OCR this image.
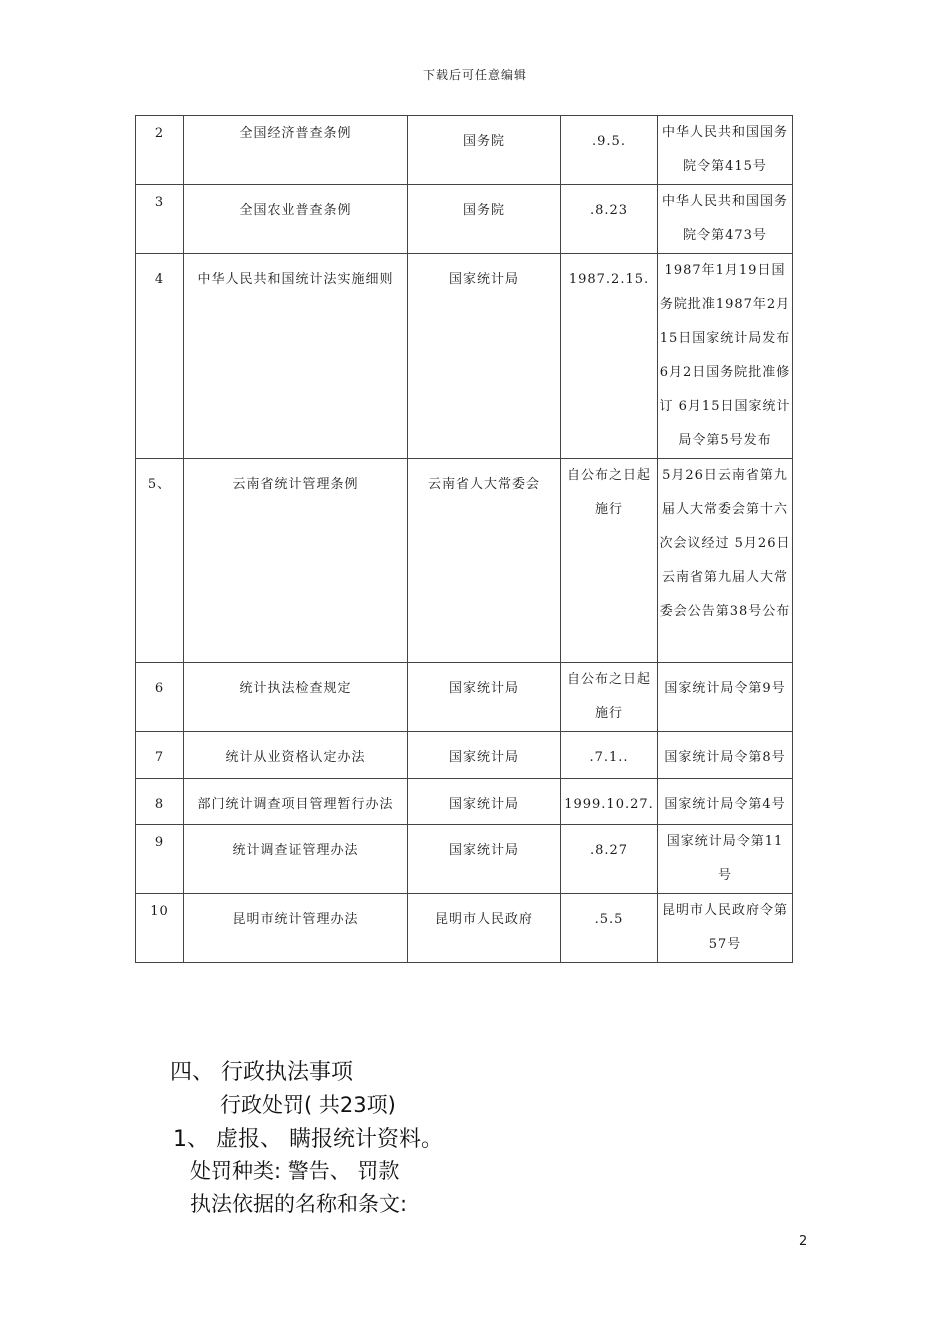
下载后可任意编辑
2	全国经济普查条例	国务院	.9.5.	中华人民共和国国务院令第415号

3	全国农业普查条例	国务院	.8.23	中华人民共和国国务院令第473号

4	中华人民共和国统计法实施细则	国家统计局	1987.2.15.	1987年1月19日国务院批准1987年2月15日国家统计局发布6月2日国务院批准修订 6月15日国家统计局令第5号发布

5、	云南省统计管理条例	云南省人大常委会	自公布之日起施行	5月26日云南省第九届人大常委会第十六次会议经过 5月26日云南省第九届人大常委会公告第38号公布

6	统计执法检查规定	国家统计局	自公布之日起施行	国家统计局令第9号

7	统计从业资格认定办法	国家统计局	.7.1..	国家统计局令第8号

8	部门统计调查项目管理暂行办法	国家统计局	1999.10.27.	国家统计局令第4号

9	统计调查证管理办法	国家统计局	.8.27	国家统计局令第11号

10	昆明市统计管理办法	昆明市人民政府	.5.5	昆明市人民政府令第57号
四、 行政执法事项
行政处罚( 共23项)
1、 虚报、 瞒报统计资料。
处罚种类: 警告、 罚款
执法依据的名称和条文:
2
